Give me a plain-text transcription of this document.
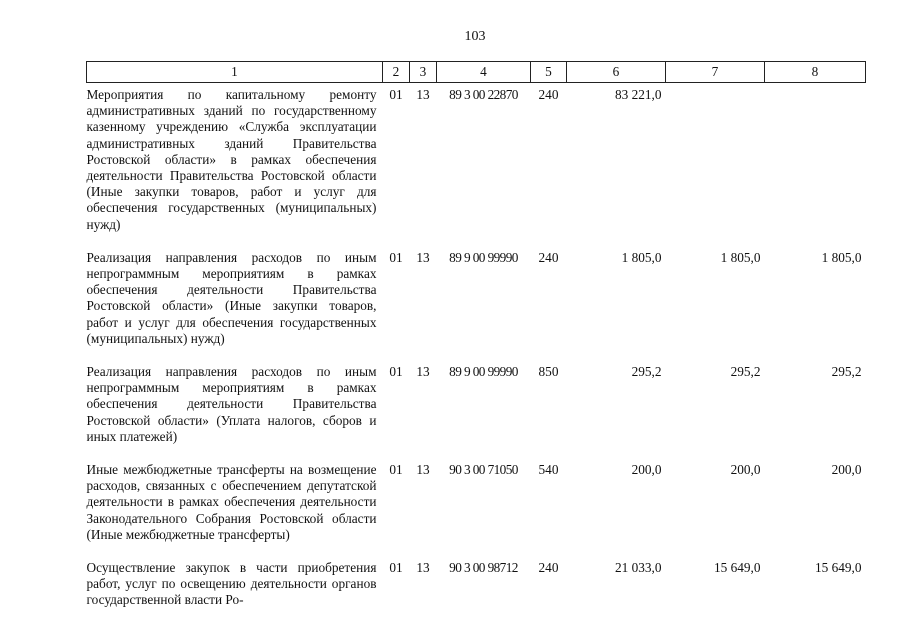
103
1	2	3	4	5	6	7	8
Мероприятия по капитальному ремонту административных зданий по государственному казенному учреждению «Служба эксплуатации административных зданий Правительства Ростовской области» в рамках обеспечения деятельности Правительства Ростовской области (Иные закупки товаров, работ и услуг для обеспечения государственных (муниципальных) нужд)	01	13	89 3 00 22870	240	83 221,0		
Реализация направления расходов по иным непрограммным мероприятиям в рамках обеспечения деятельности Правительства Ростовской области» (Иные закупки товаров, работ и услуг для обеспечения государственных (муниципальных) нужд)	01	13	89 9 00 99990	240	1 805,0	1 805,0	1 805,0
Реализация направления расходов по иным непрограммным мероприятиям в рамках обеспечения деятельности Правительства Ростовской области» (Уплата налогов, сборов и иных платежей)	01	13	89 9 00 99990	850	295,2	295,2	295,2
Иные межбюджетные трансферты на возмещение расходов, связанных с обеспечением депутатской деятельности в рамках обеспечения деятельности Законодательного Собрания Ростовской области (Иные межбюджетные трансферты)	01	13	90 3 00 71050	540	200,0	200,0	200,0
Осуществление закупок в части приобретения работ, услуг по освещению деятельности органов государственной власти Ро-	01	13	90 3 00 98712	240	21 033,0	15 649,0	15 649,0
